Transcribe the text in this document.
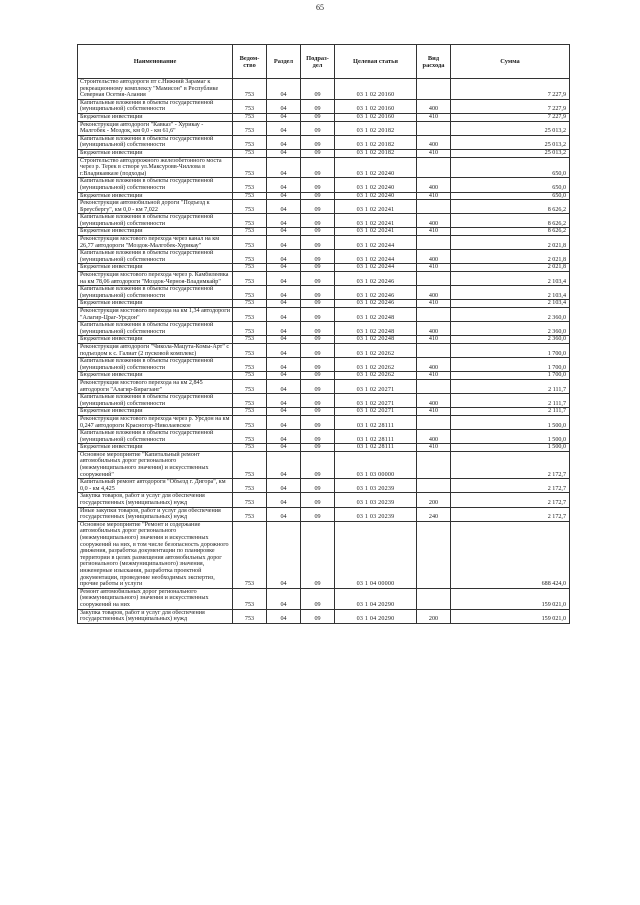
65
Наименование	Ведом-ство	Раздел	Подраз-дел	Целевая статья	Вид расхода	Сумма
Строительство автодороги пт с.Нижний Зарамаг к рекреационному комплексу "Мамисон" в Республике Северная Осетия-Алания	753	04	09	03 1 02 20160		7 227,9
Капитальные вложения в объекты государственной (муниципальной) собственности	753	04	09	03 1 02 20160	400	7 227,9
Бюджетные инвестиции	753	04	09	03 1 02 20160	410	7 227,9
Реконструкция автодороги "Кавказ" - Хурикау - Малгобек - Моздок, км 0,0 - км 61,6"	753	04	09	03 1 02 20182		25 013,2
Капитальные вложения в объекты государственной (муниципальной) собственности	753	04	09	03 1 02 20182	400	25 013,2
Бюджетные инвестиции	753	04	09	03 1 02 20182	410	25 013,2
Строительство автодорожного железобетонного моста через р. Терек в створе ул.Максуровв-Чиллова в г.Владикавказе (подходы)	753	04	09	03 1 02 20240		650,0
Капитальные вложения в объекты государственной (муниципальной) собственности	753	04	09	03 1 02 20240	400	650,0
Бюджетные инвестиции	753	04	09	03 1 02 20240	410	650,0
Реконструкция автомобильной дороги "Подъезд к Бреусбергу", км 0,0 - км 7,022	753	04	09	03 1 02 20241		8 626,2
Капитальные вложения в объекты государственной (муниципальной) собственности	753	04	09	03 1 02 20241	400	8 626,2
Бюджетные инвестиции	753	04	09	03 1 02 20241	410	8 626,2
Реконструкция мостового перехода через канал на км 26,77 автодороги "Моздок-Малгобек-Хурикау"	753	04	09	03 1 02 20244		2 021,8
Капитальные вложения в объекты государственной (муниципальной) собственности	753	04	09	03 1 02 20244	400	2 021,8
Бюджетные инвестиции	753	04	09	03 1 02 20244	410	2 021,8
Реконструкция мостового перехода через р. Камбилеевка на км 78,06 автодороги "Моздок-Черноя-Владимкайр"	753	04	09	03 1 02 20246		2 103,4
Капитальные вложения в объекты государственной (муниципальной) собственности	753	04	09	03 1 02 20246	400	2 103,4
Бюджетные инвестиции	753	04	09	03 1 02 20246	410	2 103,4
Реконструкция мостового перехода на км 1,34 автодороги "Алагир-Цраг-Урсдон"	753	04	09	03 1 02 20248		2 360,0
Капитальные вложения в объекты государственной (муниципальной) собственности	753	04	09	03 1 02 20248	400	2 360,0
Бюджетные инвестиции	753	04	09	03 1 02 20248	410	2 360,0
Реконструкция автодороги "Чикола-Мацута-Комы-Арт" с подъездом к с. Галиат (2 пусковой комплекс)	753	04	09	03 1 02 20262		1 700,0
Капитальные вложения в объекты государственной (муниципальной) собственности	753	04	09	03 1 02 20262	400	1 700,0
Бюджетные инвестиции	753	04	09	03 1 02 20262	410	1 700,0
Реконструкция мостового перехода на км 2,845 автодороги "Алагир-Бирагзанг"	753	04	09	03 1 02 20271		2 111,7
Капитальные вложения в объекты государственной (муниципальной) собственности	753	04	09	03 1 02 20271	400	2 111,7
Бюджетные инвестиции	753	04	09	03 1 02 20271	410	2 111,7
Реконструкция мостового перехода через р. Урсдон на км 0,247 автодороги Красногор-Николаевское	753	04	09	03 1 02 28111		1 500,0
Капитальные вложения в объекты государственной (муниципальной) собственности	753	04	09	03 1 02 28111	400	1 500,0
Бюджетные инвестиции	753	04	09	03 1 02 28111	410	1 500,0
Основное мероприятие "Капитальный ремонт автомобильных дорог регионального (межмуниципального значения) и искусственных сооружений"	753	04	09	03 1 03 00000		2 172,7
Капитальный ремонт автодороги "Объезд г. Дигора", км 0,0 - км 4,425	753	04	09	03 1 03 20239		2 172,7
Закупка товаров, работ и услуг для обеспечения государственных (муниципальных) нужд	753	04	09	03 1 03 20239	200	2 172,7
Иные закупки товаров, работ и услуг для обеспечения государственных (муниципальных) нужд	753	04	09	03 1 03 20239	240	2 172,7
Основное мероприятие "Ремонт и содержание автомобильных дорог регионального (межмуниципального) значения и искусственных сооружений на них, в том числе безопасность дорожного движения, разработка документации по планировке территории в целях размещения автомобильных дорог регионального (межмуниципального) значения, инженерные изыскания, разработка проектной документации, проведение необходимых экспертиз, прочие работы и услуги	753	04	09	03 1 04 00000		688 424,0
Ремонт автомобильных дорог регионального (межмуниципального) значения и искусственных сооружений на них	753	04	09	03 1 04 20290		159 021,0
Закупка товаров, работ и услуг для обеспечения государственных (муниципальных) нужд	753	04	09	03 1 04 20290	200	159 021,0
